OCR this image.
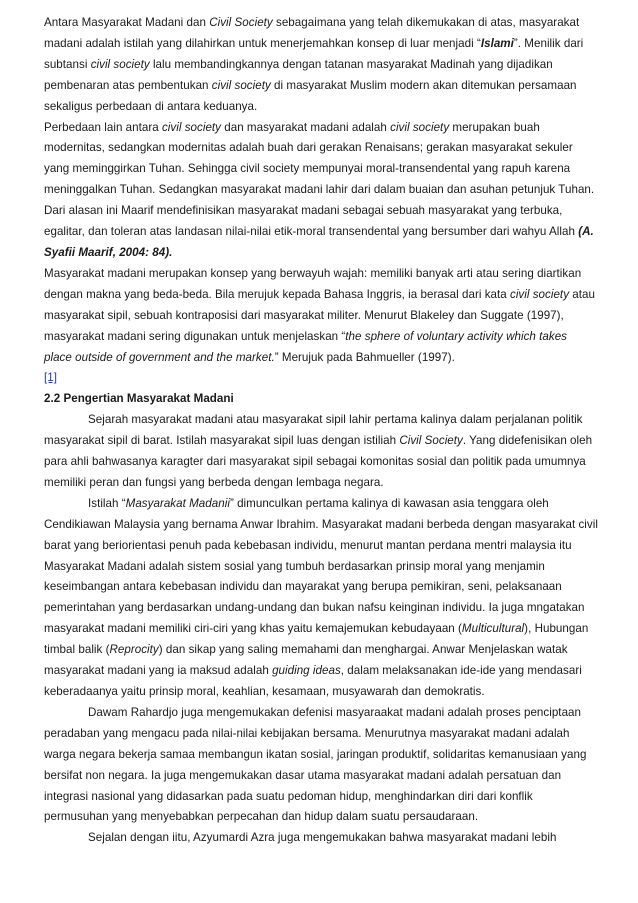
Antara Masyarakat Madani dan Civil Society sebagaimana yang telah dikemukakan di atas, masyarakat madani adalah istilah yang dilahirkan untuk menerjemahkan konsep di luar menjadi “Islami”. Menilik dari subtansi civil society lalu membandingkannya dengan tatanan masyarakat Madinah yang dijadikan pembenaran atas pembentukan civil society di masyarakat Muslim modern akan ditemukan persamaan sekaligus perbedaan di antara keduanya.

Perbedaan lain antara civil society dan masyarakat madani adalah civil society merupakan buah modernitas, sedangkan modernitas adalah buah dari gerakan Renaisans; gerakan masyarakat sekuler yang meminggirkan Tuhan. Sehingga civil society mempunyai moral-transendental yang rapuh karena meninggalkan Tuhan. Sedangkan masyarakat madani lahir dari dalam buaian dan asuhan petunjuk Tuhan. Dari alasan ini Maarif mendefinisikan masyarakat madani sebagai sebuah masyarakat yang terbuka, egalitar, dan toleran atas landasan nilai-nilai etik-moral transendental yang bersumber dari wahyu Allah (A. Syafii Maarif, 2004: 84).

Masyarakat madani merupakan konsep yang berwayuh wajah: memiliki banyak arti atau sering diartikan dengan makna yang beda-beda. Bila merujuk kepada Bahasa Inggris, ia berasal dari kata civil society atau masyarakat sipil, sebuah kontraposisi dari masyarakat militer. Menurut Blakeley dan Suggate (1997), masyarakat madani sering digunakan untuk menjelaskan “the sphere of voluntary activity which takes place outside of government and the market.” Merujuk pada Bahmueller (1997).
[1]

2.2 Pengertian Masyarakat Madani

Sejarah masyarakat madani atau masyarakat sipil lahir pertama kalinya dalam perjalanan politik masyarakat sipil di barat. Istilah masyarakat sipil luas dengan istiliah Civil Society. Yang didefenisikan oleh para ahli bahwasanya karagter dari masyarakat sipil sebagai komonitas sosial dan politik pada umumnya memiliki peran dan fungsi yang berbeda dengan lembaga negara.

Istilah “Masyarakat Madanii” dimunculkan pertama kalinya di kawasan asia tenggara oleh Cendikiawan Malaysia yang bernama Anwar Ibrahim. Masyarakat madani berbeda dengan masyarakat civil barat yang beriorientasi penuh pada kebebasan individu, menurut mantan perdana mentri malaysia itu Masyarakat Madani adalah sistem sosial yang tumbuh berdasarkan prinsip moral yang menjamin keseimbangan antara kebebasan individu dan mayarakat yang berupa pemikiran, seni, pelaksanaan pemerintahan yang berdasarkan undang-undang dan bukan nafsu keinginan individu. Ia juga mngatakan masyarakat madani memiliki ciri-ciri yang khas yaitu kemajemukan kebudayaan (Multicultural), Hubungan timbal balik (Reprocity) dan sikap yang saling memahami dan menghargai. Anwar Menjelaskan watak masyarakat madani yang ia maksud adalah guiding ideas, dalam melaksanakan ide-ide yang mendasari keberadaanya yaitu prinsip moral, keahlian, kesamaan, musyawarah dan demokratis.

Dawam Rahardjo juga mengemukakan defenisi masyaraakat madani adalah proses penciptaan peradaban yang mengacu pada nilai-nilai kebijakan bersama. Menurutnya masyarakat madani adalah warga negara bekerja samaa membangun ikatan sosial, jaringan produktif, solidaritas kemanusiaan yang bersifat non negara. Ia juga mengemukakan dasar utama masyarakat madani adalah persatuan dan integrasi nasional yang didasarkan pada suatu pedoman hidup, menghindarkan diri dari konflik permusuhan yang menyebabkan perpecahan dan hidup dalam suatu persaudaraan.

Sejalan dengan iitu, Azyumardi Azra juga mengemukakan bahwa masyarakat madani lebih
